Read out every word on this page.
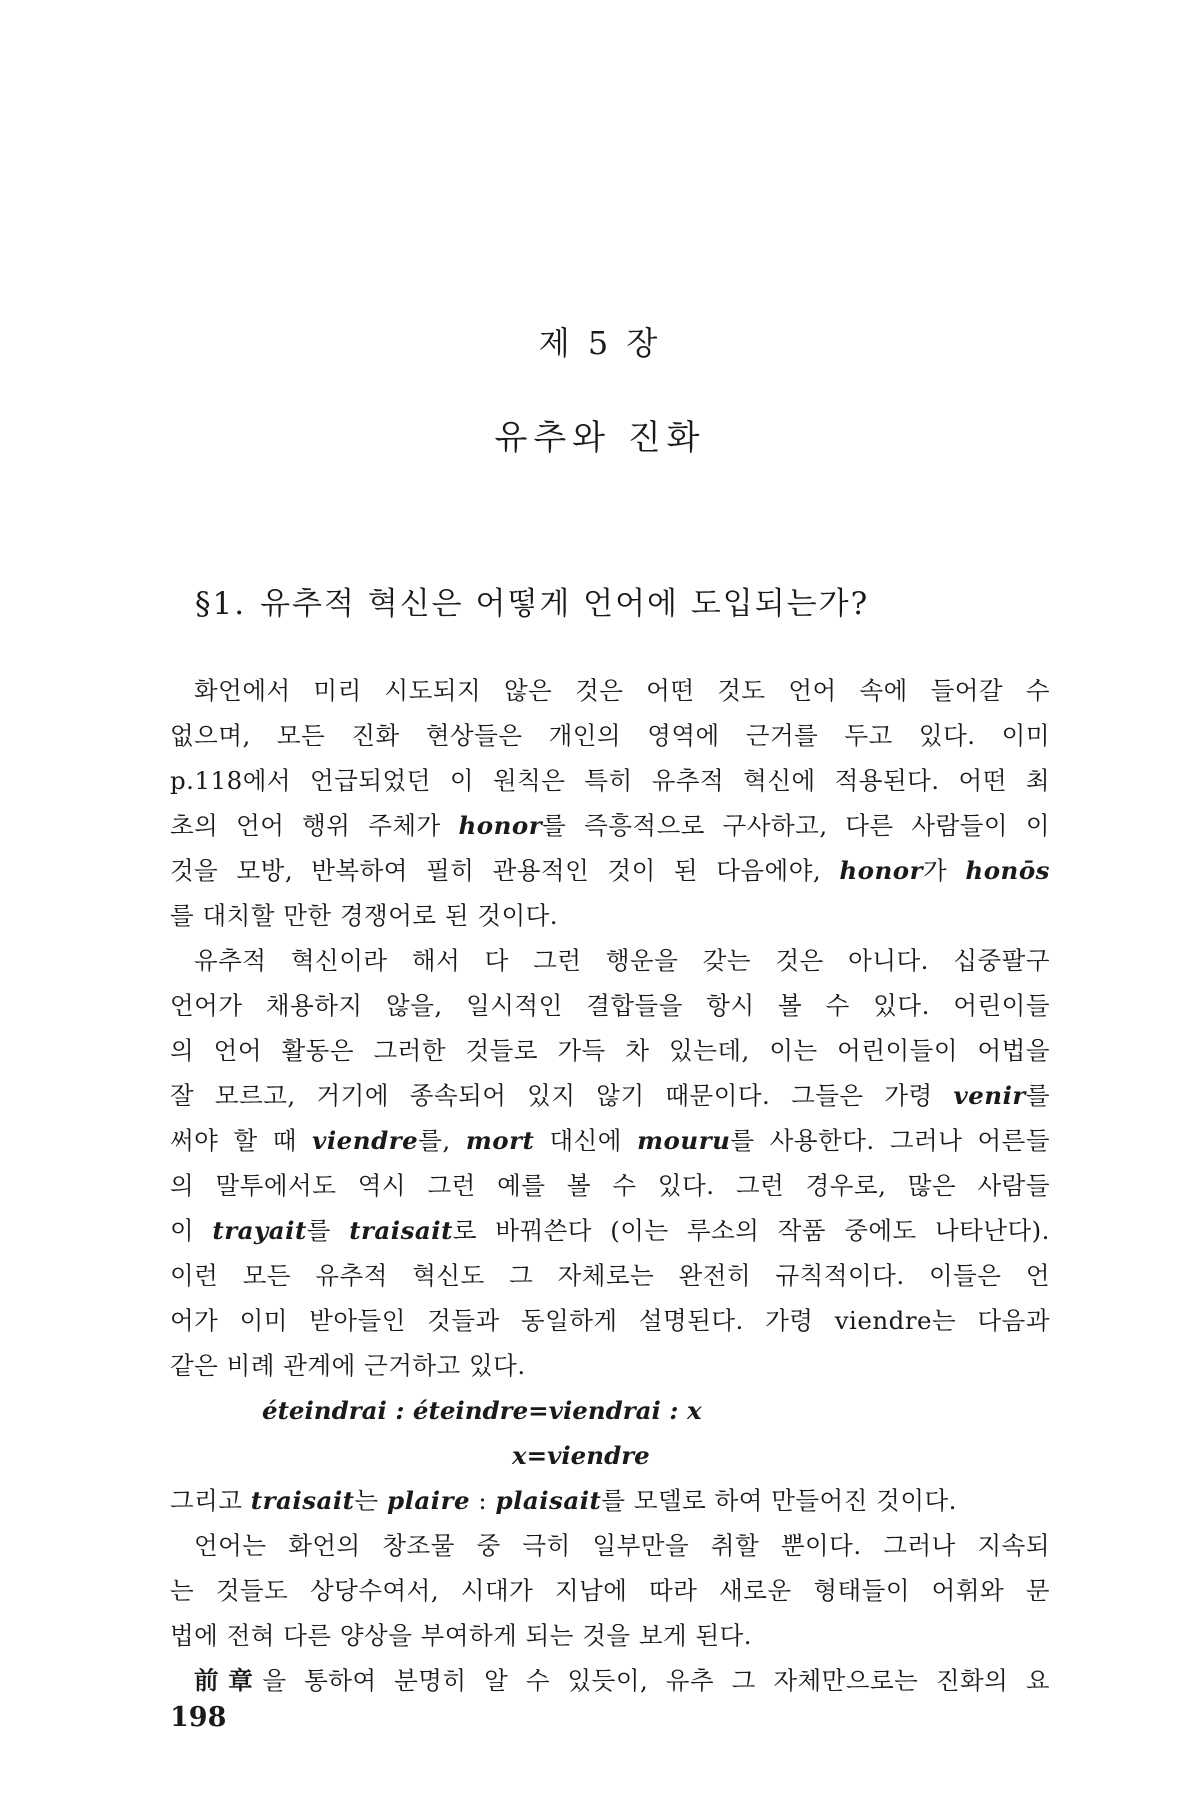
제 5 장
유추와 진화
§1. 유추적 혁신은 어떻게 언어에 도입되는가?
화언에서 미리 시도되지 않은 것은 어떤 것도 언어 속에 들어갈 수
없으며, 모든 진화 현상들은 개인의 영역에 근거를 두고 있다. 이미
p.118에서 언급되었던 이 원칙은 특히 유추적 혁신에 적용된다. 어떤 최
초의 언어 행위 주체가 honor를 즉흥적으로 구사하고, 다른 사람들이 이
것을 모방, 반복하여 필히 관용적인 것이 된 다음에야, honor가 honōs
를 대치할 만한 경쟁어로 된 것이다.
유추적 혁신이라 해서 다 그런 행운을 갖는 것은 아니다. 십중팔구
언어가 채용하지 않을, 일시적인 결합들을 항시 볼 수 있다. 어린이들
의 언어 활동은 그러한 것들로 가득 차 있는데, 이는 어린이들이 어법을
잘 모르고, 거기에 종속되어 있지 않기 때문이다. 그들은 가령 venir를
써야 할 때 viendre를, mort 대신에 mouru를 사용한다. 그러나 어른들
의 말투에서도 역시 그런 예를 볼 수 있다. 그런 경우로, 많은 사람들
이 trayait를 traisait로 바꿔쓴다 (이는 루소의 작품 중에도 나타난다).
이런 모든 유추적 혁신도 그 자체로는 완전히 규칙적이다. 이들은 언
어가 이미 받아들인 것들과 동일하게 설명된다. 가령 viendre는 다음과
같은 비례 관계에 근거하고 있다.
éteindrai : éteindre=viendrai : x
x=viendre
그리고 traisait는 plaire : plaisait를 모델로 하여 만들어진 것이다.
언어는 화언의 창조물 중 극히 일부만을 취할 뿐이다. 그러나 지속되
는 것들도 상당수여서, 시대가 지남에 따라 새로운 형태들이 어휘와 문
법에 전혀 다른 양상을 부여하게 되는 것을 보게 된다.
前章을 통하여 분명히 알 수 있듯이, 유추 그 자체만으로는 진화의 요
198
